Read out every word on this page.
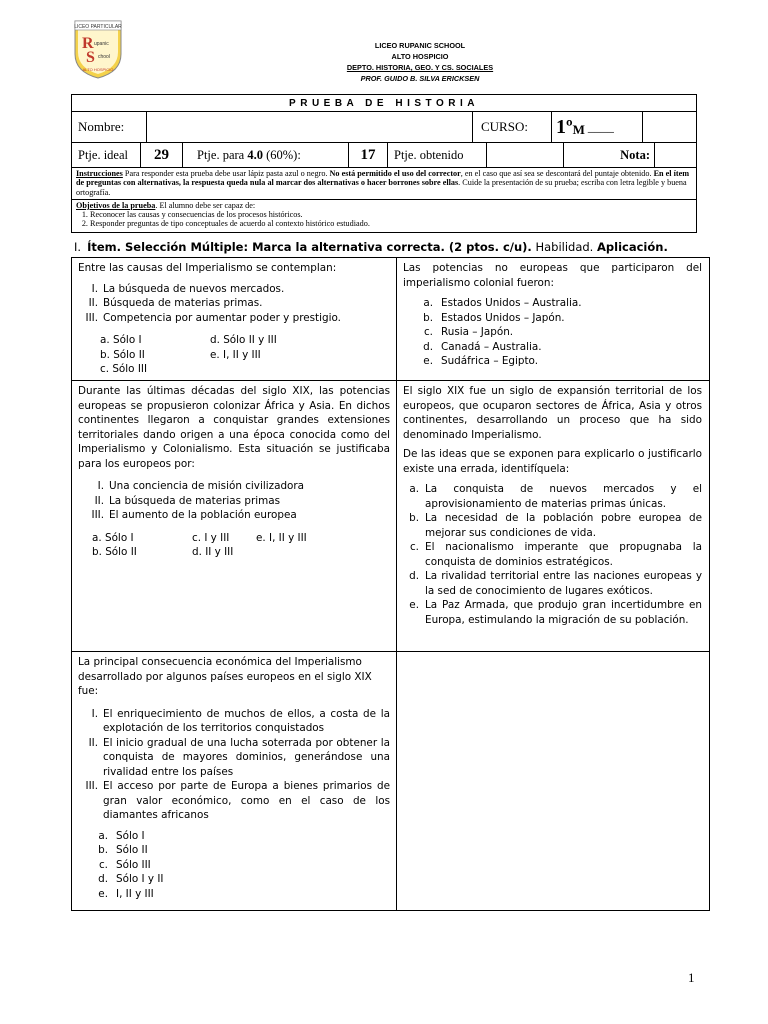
LICEO PARTICULAR
R
S
upanic
chool
ALTO HOSPICIO
LICEO RUPANIC SCHOOL
ALTO HOSPICIO
DEPTO. HISTORIA, GEO. Y CS. SOCIALES
PROF. GUIDO B. SILVA ERICKSEN
PRUEBA DE HISTORIA
Nombre:	CURSO:	1º M ____
Ptje. ideal	29	Ptje. para 4.0 (60%):	17	Ptje. obtenido	Nota:
Instrucciones Para responder esta prueba debe usar lápiz pasta azul o negro. No está permitido el uso del corrector, en el caso que así sea se descontará del puntaje obtenido. En el ítem de preguntas con alternativas, la respuesta queda nula al marcar dos alternativas o hacer borrones sobre ellas. Cuide la presentación de su prueba; escriba con letra legible y buena ortografía.
Objetivos de la prueba. El alumno debe ser capaz de:
1. Reconocer las causas y consecuencias de los procesos históricos.
2. Responder preguntas de tipo conceptuales de acuerdo al contexto histórico estudiado.
I. Ítem. Selección Múltiple: Marca la alternativa correcta. (2 ptos. c/u). Habilidad. Aplicación.
Entre las causas del Imperialismo se contemplan:
I. La búsqueda de nuevos mercados.
II. Búsqueda de materias primas.
III. Competencia por aumentar poder y prestigio.
a. Sólo I	d. Sólo II y III
b. Sólo II	e. I, II y III
c. Sólo III
Las potencias no europeas que participaron del imperialismo colonial fueron:
a. Estados Unidos – Australia.
b. Estados Unidos – Japón.
c. Rusia – Japón.
d. Canadá – Australia.
e. Sudáfrica – Egipto.
Durante las últimas décadas del siglo XIX, las potencias europeas se propusieron colonizar África y Asia. En dichos continentes llegaron a conquistar grandes extensiones territoriales dando origen a una época conocida como del Imperialismo y Colonialismo. Esta situación se justificaba para los europeos por:
I. Una conciencia de misión civilizadora
II. La búsqueda de materias primas
III. El aumento de la población europea
a. Sólo I	c. I y III	e. I, II y III
b. Sólo II	d. II y III
El siglo XIX fue un siglo de expansión territorial de los europeos, que ocuparon sectores de África, Asia y otros continentes, desarrollando un proceso que ha sido denominado Imperialismo.
De las ideas que se exponen para explicarlo o justificarlo existe una errada, identifíquela:
a. La conquista de nuevos mercados y el aprovisionamiento de materias primas únicas.
b. La necesidad de la población pobre europea de mejorar sus condiciones de vida.
c. El nacionalismo imperante que propugnaba la conquista de dominios estratégicos.
d. La rivalidad territorial entre las naciones europeas y la sed de conocimiento de lugares exóticos.
e. La Paz Armada, que produjo gran incertidumbre en Europa, estimulando la migración de su población.
La principal consecuencia económica del Imperialismo desarrollado por algunos países europeos en el siglo XIX fue:
I. El enriquecimiento de muchos de ellos, a costa de la explotación de los territorios conquistados
II. El inicio gradual de una lucha soterrada por obtener la conquista de mayores dominios, generándose una rivalidad entre los países
III. El acceso por parte de Europa a bienes primarios de gran valor económico, como en el caso de los diamantes africanos
a. Sólo I
b. Sólo II
c. Sólo III
d. Sólo I y II
e. I, II y III
1
